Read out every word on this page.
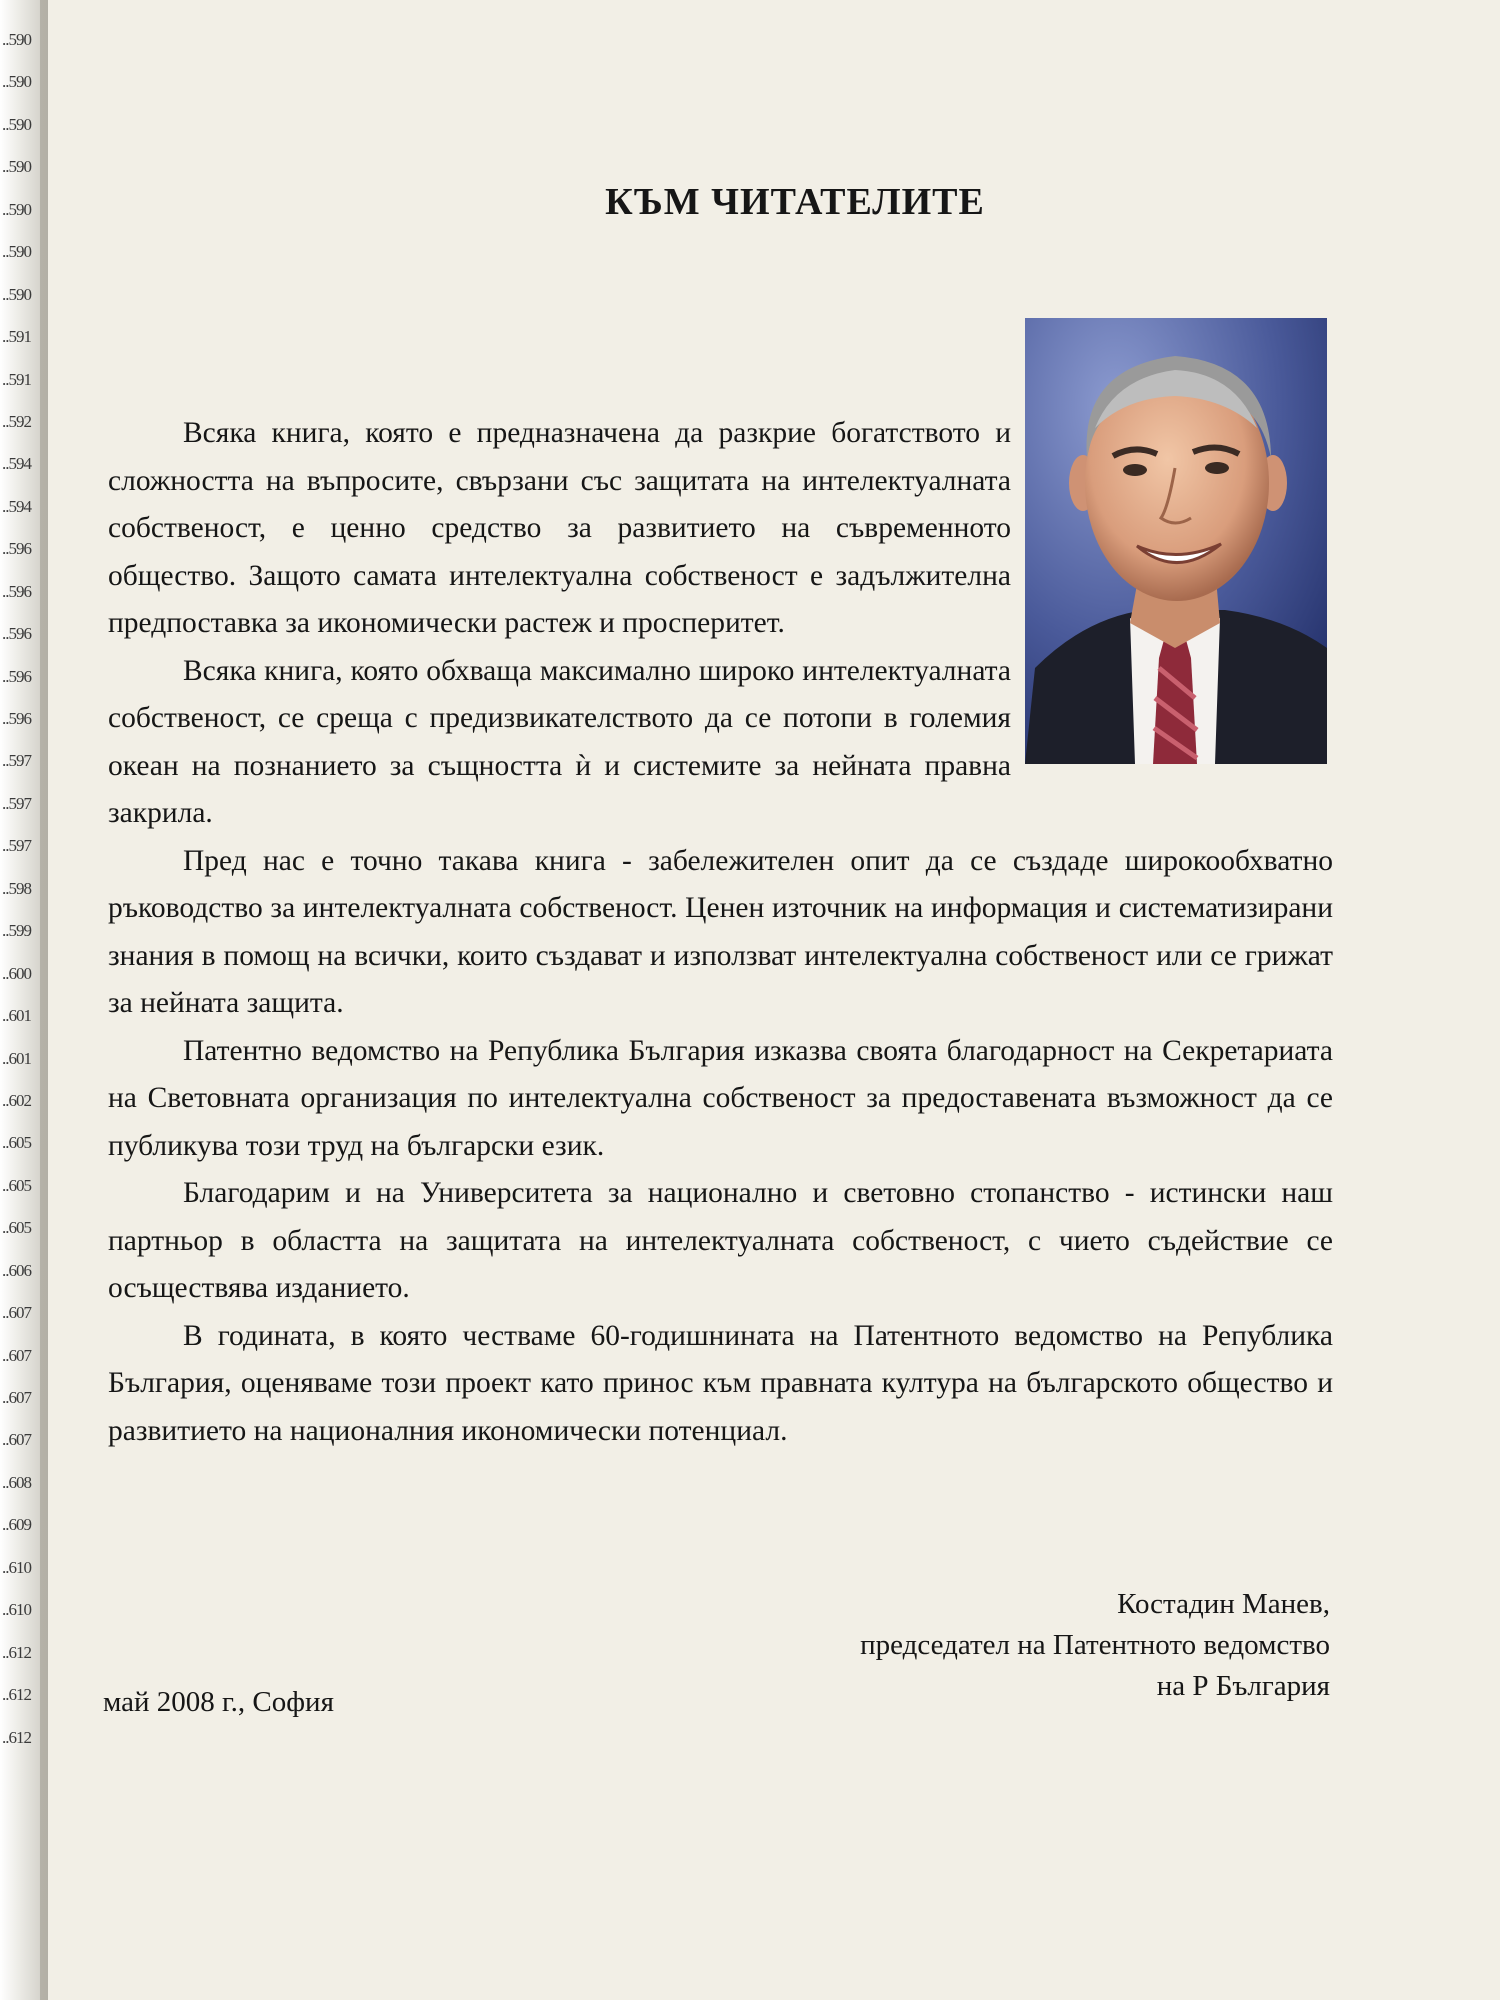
..590
..590
..590
..590
..590
..590
..590
..591
..591
..592
..594
..594
..596
..596
..596
..596
..596
..597
..597
..597
..598
..599
..600
..601
..601
..602
..605
..605
..605
..606
..607
..607
..607
..607
..608
..609
..610
..610
..612
..612
..612
КЪМ ЧИТАТЕЛИТЕ

Всяка книга, която е предназначена да разкрие богатството и сложността на въпросите, свързани със защитата на интелектуалната собственост, е ценно средство за развитието на съвременното общество. Защото самата интелектуална собственост е задължителна предпоставка за икономически растеж и просперитет.

Всяка книга, която обхваща максимално широко интелектуалната собственост, се среща с предизвикателството да се потопи в големия океан на познанието за същността ѝ и системите за нейната правна закрила.

Пред нас е точно такава книга - забележителен опит да се създаде широкообхватно ръководство за интелектуалната собственост. Ценен източник на информация и систематизирани знания в помощ на всички, които създават и използват интелектуална собственост или се грижат за нейната защита.

Патентно ведомство на Република България изказва своята благодарност на Секретариата на Световната организация по интелектуална собственост за предоставената възможност да се публикува този труд на български език.

Благодарим и на Университета за национално и световно стопанство - истински наш партньор в областта на защитата на интелектуалната собственост, с чието съдействие се осъществява изданието.

В годината, в която честваме 60-годишнината на Патентното ведомство на Република България, оценяваме този проект като принос към правната култура на българското общество и развитието на националния икономически потенциал.

Костадин Манев,
председател на Патентното ведомство
на Р България
май 2008 г., София
